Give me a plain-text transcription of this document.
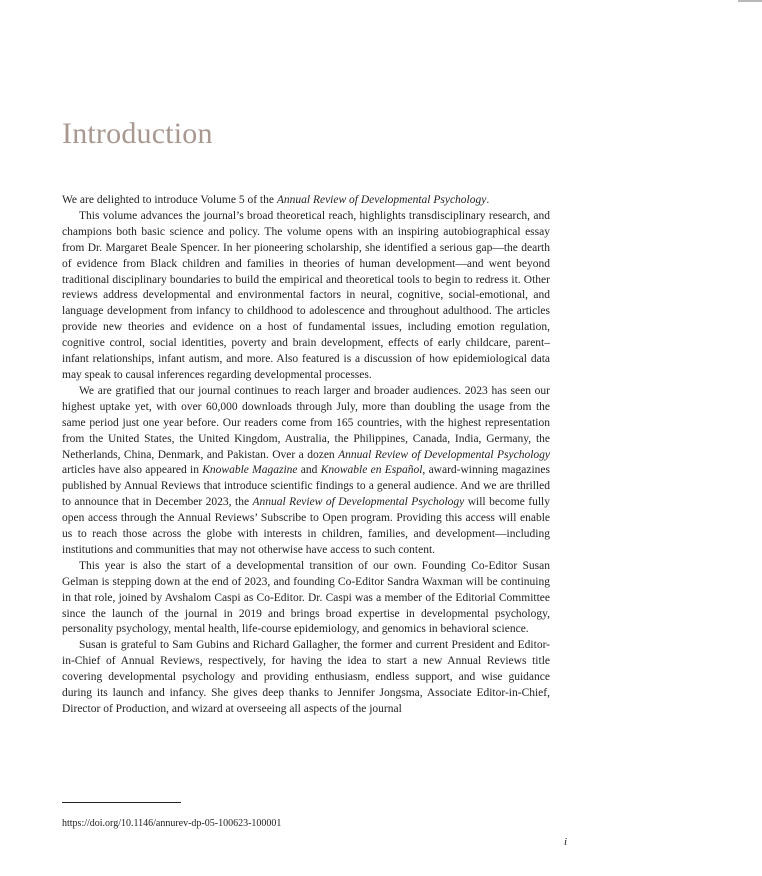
Introduction

We are delighted to introduce Volume 5 of the Annual Review of Developmental Psychology.

This volume advances the journal’s broad theoretical reach, highlights transdisciplinary research, and champions both basic science and policy. The volume opens with an inspiring autobiographical essay from Dr. Margaret Beale Spencer. In her pioneering scholarship, she identified a serious gap—the dearth of evidence from Black children and families in theories of human development—and went beyond traditional disciplinary boundaries to build the empirical and theoretical tools to begin to redress it. Other reviews address developmental and environmental factors in neural, cognitive, social-emotional, and language development from infancy to childhood to adolescence and throughout adulthood. The articles provide new theories and evidence on a host of fundamental issues, including emotion regulation, cognitive control, social identities, poverty and brain development, effects of early childcare, parent–infant relationships, infant autism, and more. Also featured is a discussion of how epidemiological data may speak to causal inferences regarding developmental processes.

We are gratified that our journal continues to reach larger and broader audiences. 2023 has seen our highest uptake yet, with over 60,000 downloads through July, more than doubling the usage from the same period just one year before. Our readers come from 165 countries, with the highest representation from the United States, the United Kingdom, Australia, the Philippines, Canada, India, Germany, the Netherlands, China, Denmark, and Pakistan. Over a dozen Annual Review of Developmental Psychology articles have also appeared in Knowable Magazine and Knowable en Español, award-winning magazines published by Annual Reviews that introduce scientific findings to a general audience. And we are thrilled to announce that in December 2023, the Annual Review of Developmental Psychology will become fully open access through the Annual Reviews’ Subscribe to Open program. Providing this access will enable us to reach those across the globe with interests in children, families, and development—including institutions and communities that may not otherwise have access to such content.

This year is also the start of a developmental transition of our own. Founding Co-Editor Susan Gelman is stepping down at the end of 2023, and founding Co-Editor Sandra Waxman will be continuing in that role, joined by Avshalom Caspi as Co-Editor. Dr. Caspi was a member of the Editorial Committee since the launch of the journal in 2019 and brings broad expertise in developmental psychology, personality psychology, mental health, life-course epidemiology, and genomics in behavioral science.

Susan is grateful to Sam Gubins and Richard Gallagher, the former and current President and Editor-in-Chief of Annual Reviews, respectively, for having the idea to start a new Annual Reviews title covering developmental psychology and providing enthusiasm, endless support, and wise guidance during its launch and infancy. She gives deep thanks to Jennifer Jongsma, Associate Editor-in-Chief, Director of Production, and wizard at overseeing all aspects of the journal

https://doi.org/10.1146/annurev-dp-05-100623-100001
i
